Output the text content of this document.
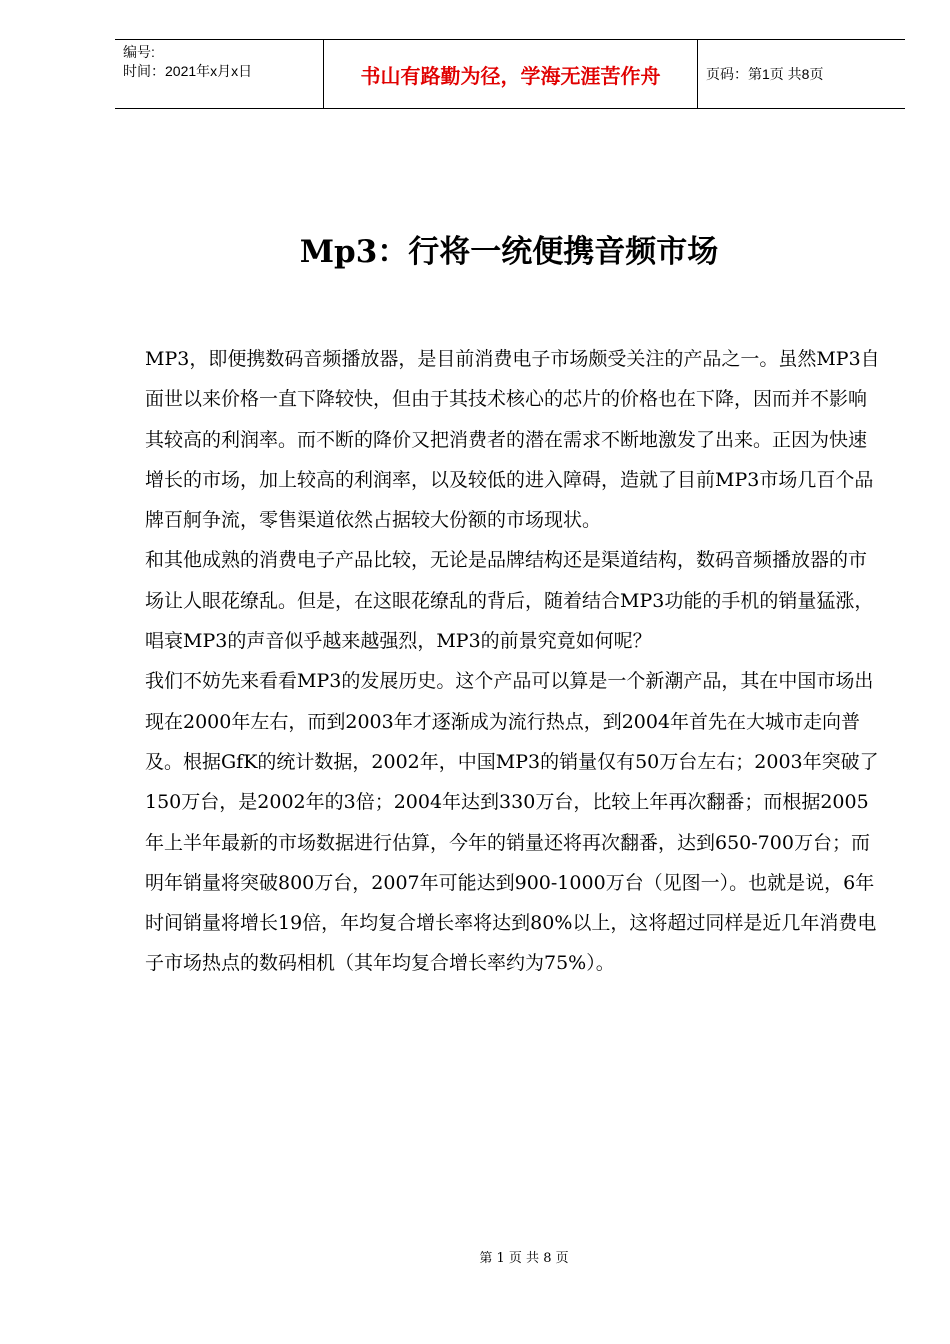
编号:
时间：2021年x月x日	书山有路勤为径，学海无涯苦作舟	页码：第1页 共8页
Mp3：行将一统便携音频市场

MP3，即便携数码音频播放器，是目前消费电子市场颇受关注的产品之一。虽然MP3自面世以来价格一直下降较快，但由于其技术核心的芯片的价格也在下降，因而并不影响其较高的利润率。而不断的降价又把消费者的潜在需求不断地激发了出来。正因为快速增长的市场，加上较高的利润率，以及较低的进入障碍，造就了目前MP3市场几百个品牌百舸争流，零售渠道依然占据较大份额的市场现状。

和其他成熟的消费电子产品比较，无论是品牌结构还是渠道结构，数码音频播放器的市场让人眼花缭乱。但是，在这眼花缭乱的背后，随着结合MP3功能的手机的销量猛涨，唱衰MP3的声音似乎越来越强烈，MP3的前景究竟如何呢？

我们不妨先来看看MP3的发展历史。这个产品可以算是一个新潮产品，其在中国市场出现在2000年左右，而到2003年才逐渐成为流行热点，到2004年首先在大城市走向普及。根据GfK的统计数据，2002年，中国MP3的销量仅有50万台左右；2003年突破了150万台，是2002年的3倍；2004年达到330万台，比较上年再次翻番；而根据2005年上半年最新的市场数据进行估算，今年的销量还将再次翻番，达到650-700万台；而明年销量将突破800万台，2007年可能达到900-1000万台（见图一）。也就是说，6年时间销量将增长19倍，年均复合增长率将达到80%以上，这将超过同样是近几年消费电子市场热点的数码相机（其年均复合增长率约为75%）。

第 1 页 共 8 页
